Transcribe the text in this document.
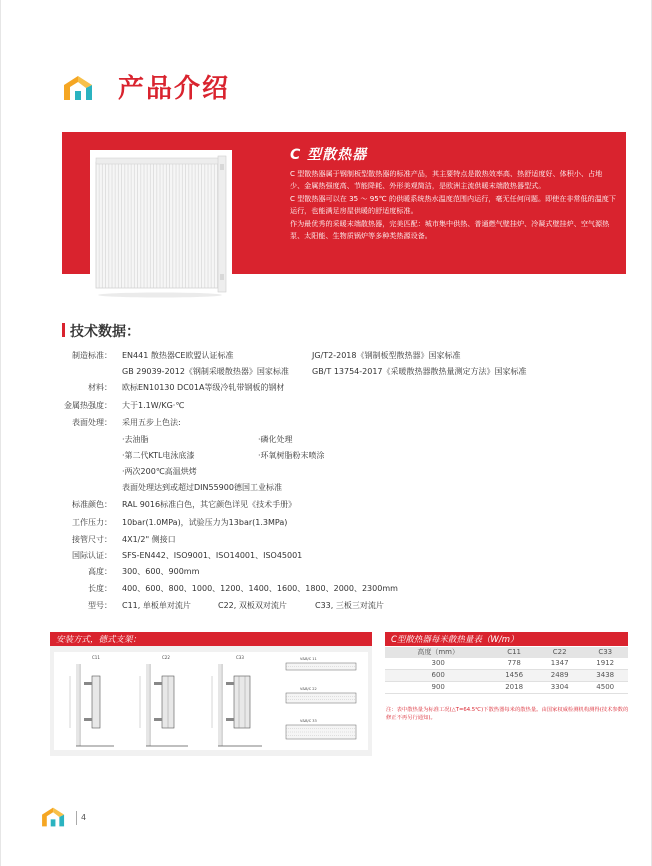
产品介绍
C 型散热器

C 型散热器属于钢制板型散热器的标准产品，其主要特点是散热效率高、热舒适度好、体积小、占地少、金属热强度高、节能降耗、外形美观简洁，是欧洲主流供暖末端散热器型式。

C 型散热器可以在 35 ～ 95℃ 的供暖系统热水温度范围内运行，毫无任何问题。即使在非常低的温度下运行，也能满足房屋供暖的舒适度标准。

作为最优秀的采暖末端散热器，完美匹配：城市集中供热、普通燃气壁挂炉、冷凝式壁挂炉、空气源热泵、太阳能、生物质锅炉等多种类热源设备。

技术数据：
制造标准： EN441 散热器CE欧盟认证标准	JG/T2-2018《钢制板型散热器》国家标准
GB 29039-2012《钢制采暖散热器》国家标准	GB/T 13754-2017《采暖散热器散热量测定方法》国家标准
材料： 欧标EN10130 DC01A等级冷轧带钢板的钢材
金属热强度： 大于1.1W/KG·℃
表面处理： 采用五步上色法:
·去油脂	·磷化处理
·第二代KTL电泳底漆	·环氧树脂粉末喷涂
·两次200℃高温烘烤
表面处理达到或超过DIN55900德国工业标准
标准颜色： RAL 9016标准白色，其它颜色详见《技术手册》
工作压力： 10bar(1.0MPa)，试验压力为13bar(1.3MPa)
接管尺寸： 4X1/2" 侧接口
国际认证： SFS-EN442、ISO9001、ISO14001、ISO45001
高度： 300、600、900mm
长度： 400、600、800、1000、1200、1400、1600、1800、2000、2300mm
型号： C11, 单板单对流片	C22, 双板双对流片	C33, 三板三对流片
安装方式，德式支架：
C11	C22	C33	V&B/C 11
V&B/C 22
V&B/C 33
C型散热器每米散热量表（W/m）
高度（mm）	C11	C22	C33
300	778	1347	1912
600	1456	2489	3438
900	2018	3304	4500
注：表中散热量为标准工况(△T=64.5℃)下散热器每米的散热量。由国家权威检测机构测得(技术参数的修正不再另行通知)。
4
